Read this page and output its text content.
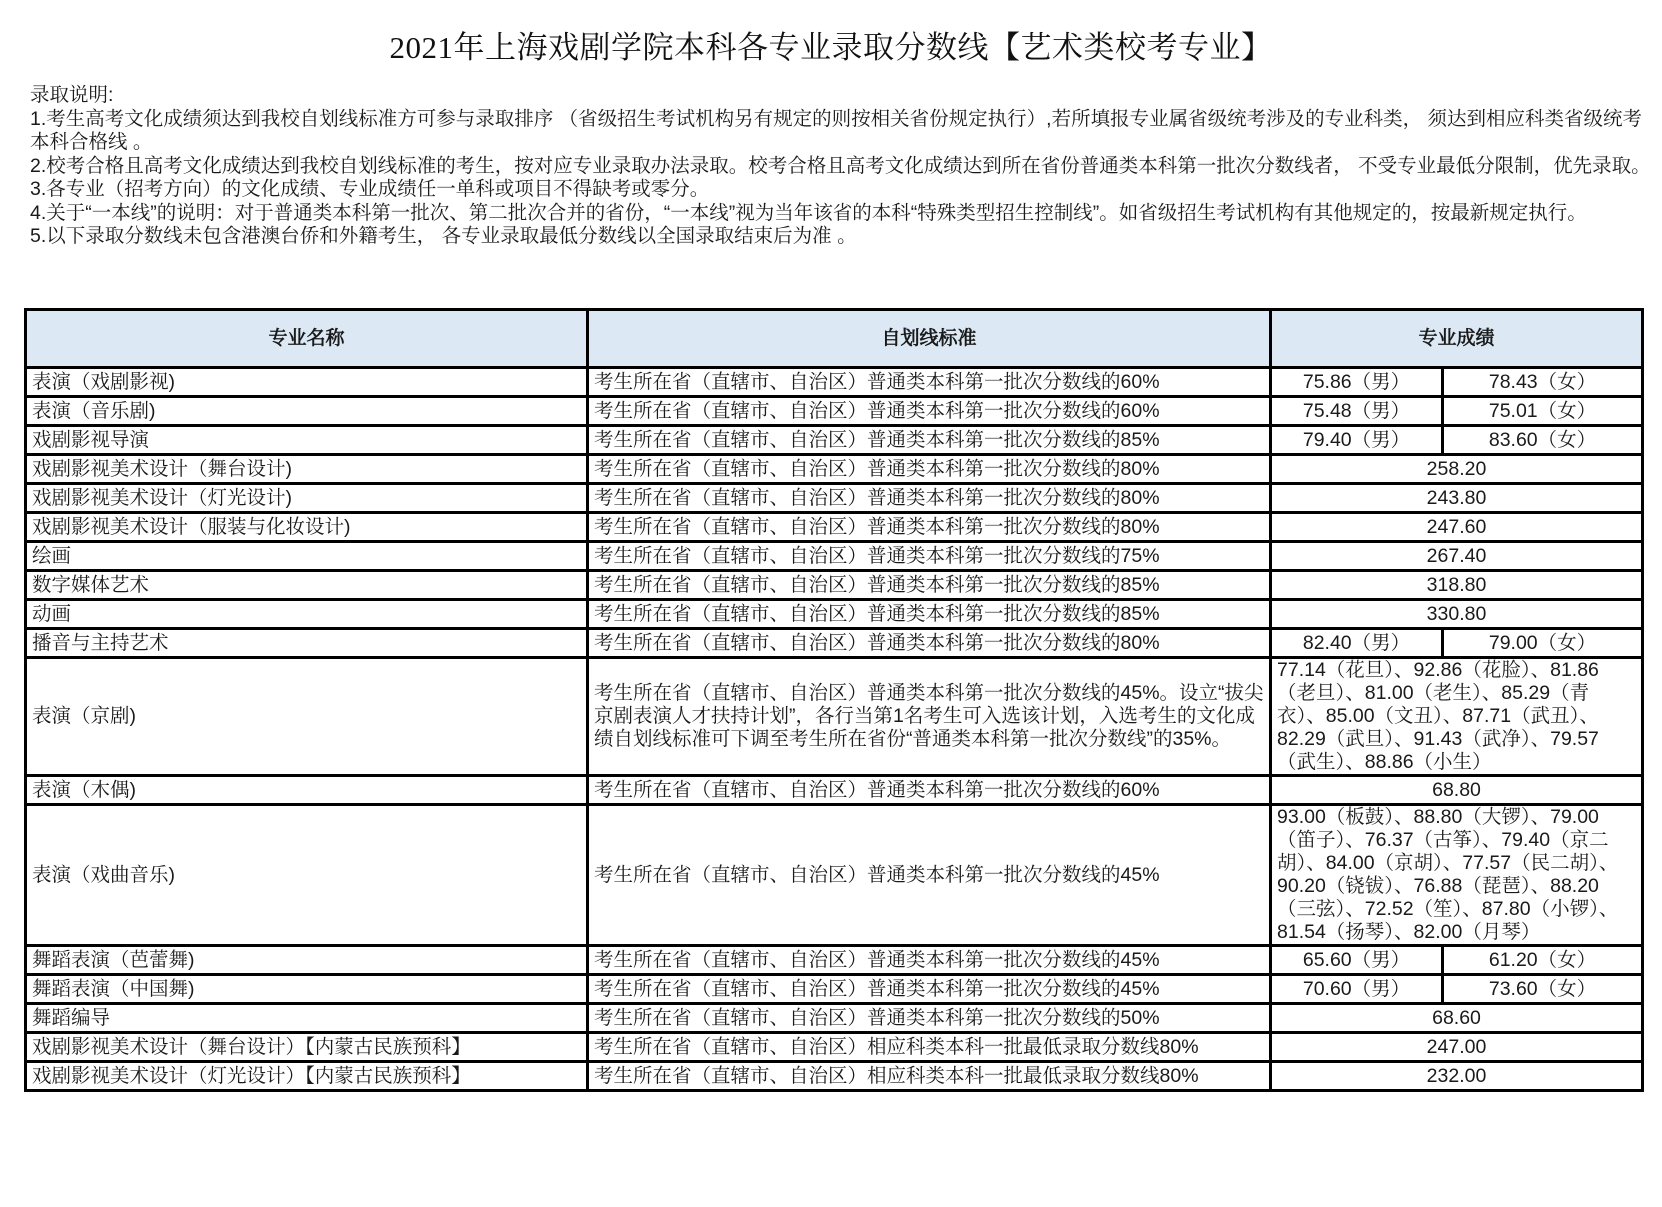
2021年上海戏剧学院本科各专业录取分数线【艺术类校考专业】

录取说明:

1.考生高考文化成绩须达到我校自划线标准方可参与录取排序 （省级招生考试机构另有规定的则按相关省份规定执行）,若所填报专业属省级统考涉及的专业科类， 须达到相应科类省级统考本科合格线 。

2.校考合格且高考文化成绩达到我校自划线标准的考生，按对应专业录取办法录取。校考合格且高考文化成绩达到所在省份普通类本科第一批次分数线者， 不受专业最低分限制，优先录取。

3.各专业（招考方向）的文化成绩、专业成绩任一单科或项目不得缺考或零分。

4.关于“一本线”的说明：对于普通类本科第一批次、第二批次合并的省份，“一本线”视为当年该省的本科“特殊类型招生控制线”。如省级招生考试机构有其他规定的，按最新规定执行。

5.以下录取分数线未包含港澳台侨和外籍考生， 各专业录取最低分数线以全国录取结束后为准 。

专业名称	自划线标准	专业成绩	
表演（戏剧影视)	考生所在省（直辖市、自治区）普通类本科第一批次分数线的60%	75.86（男）	78.43（女）
表演（音乐剧)	考生所在省（直辖市、自治区）普通类本科第一批次分数线的60%	75.48（男）	75.01（女）
戏剧影视导演	考生所在省（直辖市、自治区）普通类本科第一批次分数线的85%	79.40（男）	83.60（女）
戏剧影视美术设计（舞台设计)	考生所在省（直辖市、自治区）普通类本科第一批次分数线的80%	258.20	
戏剧影视美术设计（灯光设计)	考生所在省（直辖市、自治区）普通类本科第一批次分数线的80%	243.80	
戏剧影视美术设计（服装与化妆设计)	考生所在省（直辖市、自治区）普通类本科第一批次分数线的80%	247.60	
绘画	考生所在省（直辖市、自治区）普通类本科第一批次分数线的75%	267.40	
数字媒体艺术	考生所在省（直辖市、自治区）普通类本科第一批次分数线的85%	318.80	
动画	考生所在省（直辖市、自治区）普通类本科第一批次分数线的85%	330.80	
播音与主持艺术	考生所在省（直辖市、自治区）普通类本科第一批次分数线的80%	82.40（男）	79.00（女）
表演（京剧)	考生所在省（直辖市、自治区）普通类本科第一批次分数线的45%。设立“拔尖京剧表演人才扶持计划”，各行当第1名考生可入选该计划，入选考生的文化成绩自划线标准可下调至考生所在省份“普通类本科第一批次分数线”的35%。	77.14（花旦）、92.86（花脸）、81.86（老旦）、81.00（老生）、85.29（青衣）、85.00（文丑）、87.71（武丑）、82.29（武旦）、91.43（武净）、79.57（武生）、88.86（小生）	
表演（木偶)	考生所在省（直辖市、自治区）普通类本科第一批次分数线的60%	68.80	
表演（戏曲音乐)	考生所在省（直辖市、自治区）普通类本科第一批次分数线的45%	93.00（板鼓）、88.80（大锣）、79.00（笛子）、76.37（古筝）、79.40（京二胡）、84.00（京胡）、77.57（民二胡）、90.20（铙钹）、76.88（琵琶）、88.20（三弦）、72.52（笙）、87.80（小锣）、81.54（扬琴）、82.00（月琴）	
舞蹈表演（芭蕾舞)	考生所在省（直辖市、自治区）普通类本科第一批次分数线的45%	65.60（男）	61.20（女）
舞蹈表演（中国舞)	考生所在省（直辖市、自治区）普通类本科第一批次分数线的45%	70.60（男）	73.60（女）
舞蹈编导	考生所在省（直辖市、自治区）普通类本科第一批次分数线的50%	68.60	
戏剧影视美术设计（舞台设计）【内蒙古民族预科】	考生所在省（直辖市、自治区）相应科类本科一批最低录取分数线80%	247.00	
戏剧影视美术设计（灯光设计）【内蒙古民族预科】	考生所在省（直辖市、自治区）相应科类本科一批最低录取分数线80%	232.00	
